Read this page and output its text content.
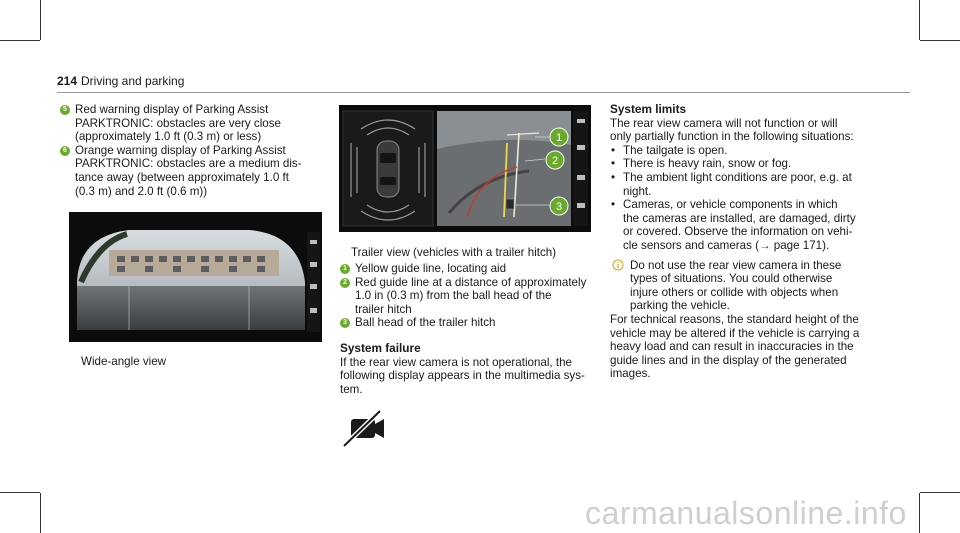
214 Driving and parking
5 Red warning display of Parking Assist
PARKTRONIC: obstacles are very close
(approximately 1.0 ft (0.3 m) or less)
6 Orange warning display of Parking Assist
PARKTRONIC: obstacles are a medium dis-
tance away (between approximately 1.0 ft
(0.3 m) and 2.0 ft (0.6 m))
Wide-angle view
1
2
3
Trailer view (vehicles with a trailer hitch)
1 Yellow guide line, locating aid
2 Red guide line at a distance of approximately
1.0 in (0.3 m) from the ball head of the
trailer hitch
3 Ball head of the trailer hitch
System failure
If the rear view camera is not operational, the
following display appears in the multimedia sys-
tem.
System limits
The rear view camera will not function or will
only partially function in the following situations:
• The tailgate is open.
• There is heavy rain, snow or fog.
• The ambient light conditions are poor, e.g. at
night.
• Cameras, or vehicle components in which
the cameras are installed, are damaged, dirty
or covered. Observe the information on vehi-
cle sensors and cameras (→ page 171).
Do not use the rear view camera in these
types of situations. You could otherwise
injure others or collide with objects when
parking the vehicle.
For technical reasons, the standard height of the
vehicle may be altered if the vehicle is carrying a
heavy load and can result in inaccuracies in the
guide lines and in the display of the generated
images.
carmanualsonline.info
